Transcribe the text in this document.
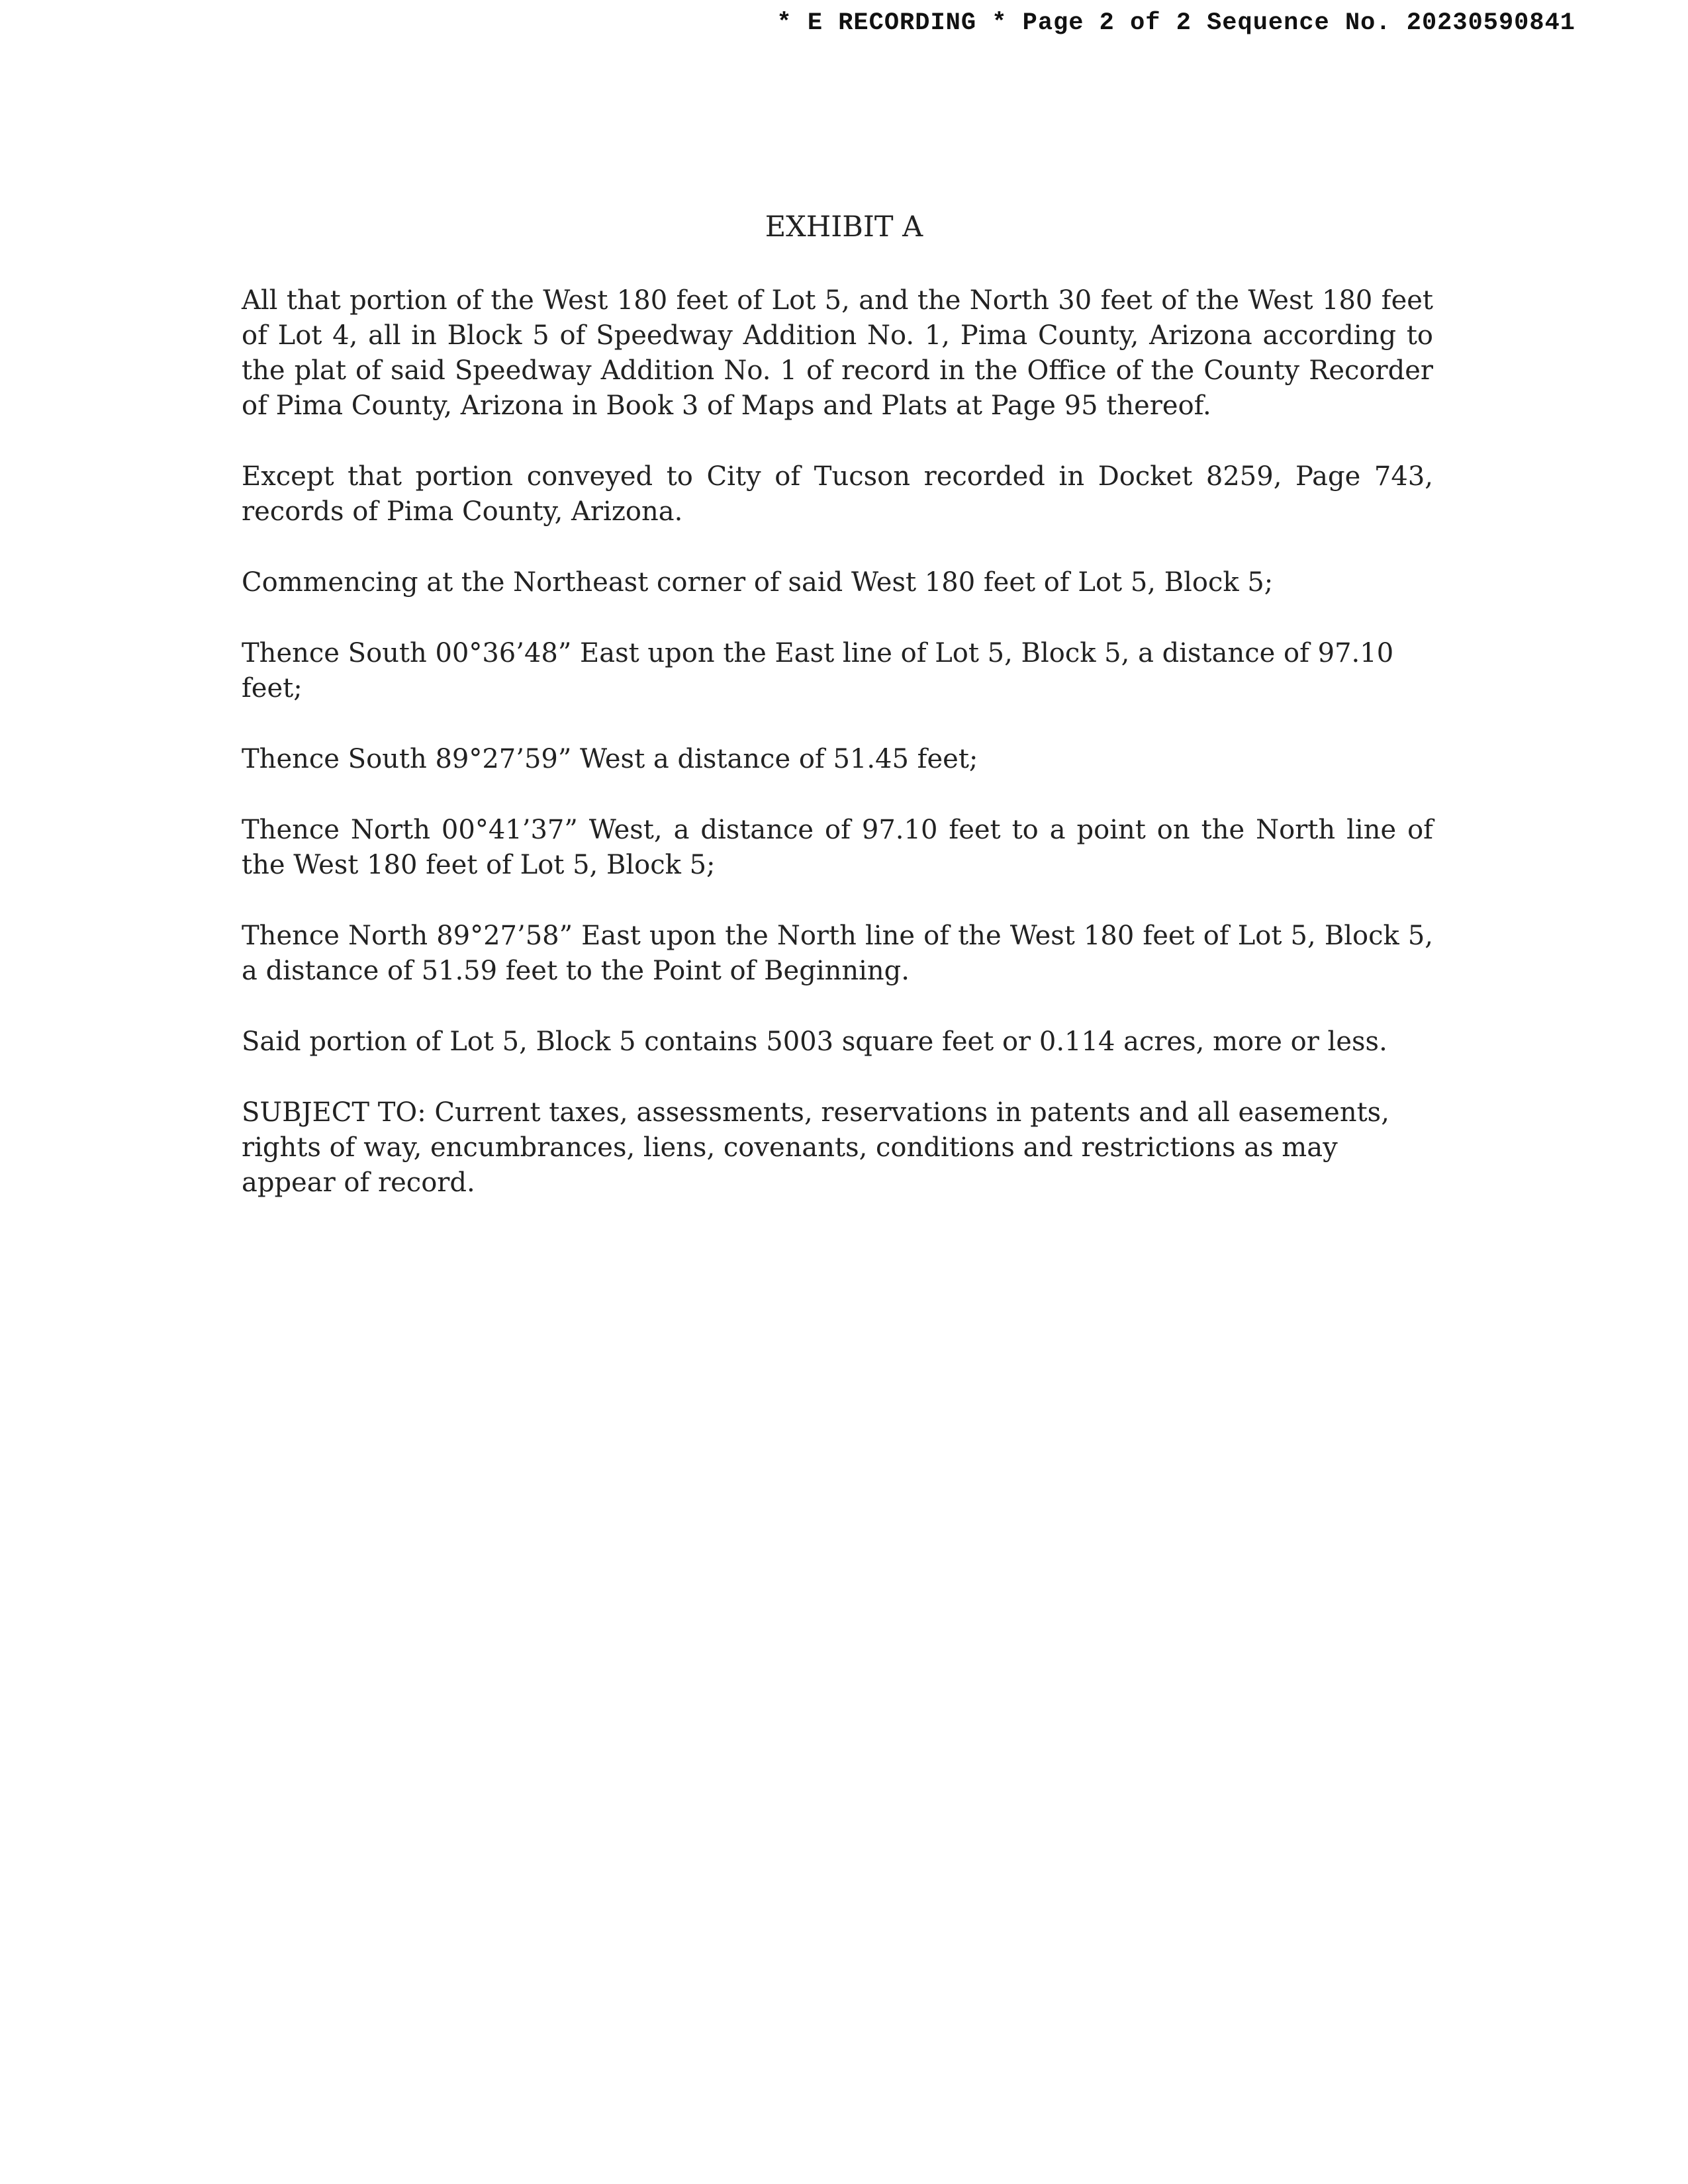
* E RECORDING * Page 2 of 2 Sequence No. 20230590841
EXHIBIT A

All that portion of the West 180 feet of Lot 5, and the North 30 feet of the West 180 feet of Lot 4, all in Block 5 of Speedway Addition No. 1, Pima County, Arizona according to the plat of said Speedway Addition No. 1 of record in the Office of the County Recorder of Pima County, Arizona in Book 3 of Maps and Plats at Page 95 thereof.

Except that portion conveyed to City of Tucson recorded in Docket 8259, Page 743, records of Pima County, Arizona.

Commencing at the Northeast corner of said West 180 feet of Lot 5, Block 5;

Thence South 00°36’48” East upon the East line of Lot 5, Block 5, a distance of 97.10 feet;

Thence South 89°27’59” West a distance of 51.45 feet;

Thence North 00°41’37” West, a distance of 97.10 feet to a point on the North line of the West 180 feet of Lot 5, Block 5;

Thence North 89°27’58” East upon the North line of the West 180 feet of Lot 5, Block 5, a distance of 51.59 feet to the Point of Beginning.

Said portion of Lot 5, Block 5 contains 5003 square feet or 0.114 acres, more or less.

SUBJECT TO: Current taxes, assessments, reservations in patents and all easements, rights of way, encumbrances, liens, covenants, conditions and restrictions as may appear of record.
